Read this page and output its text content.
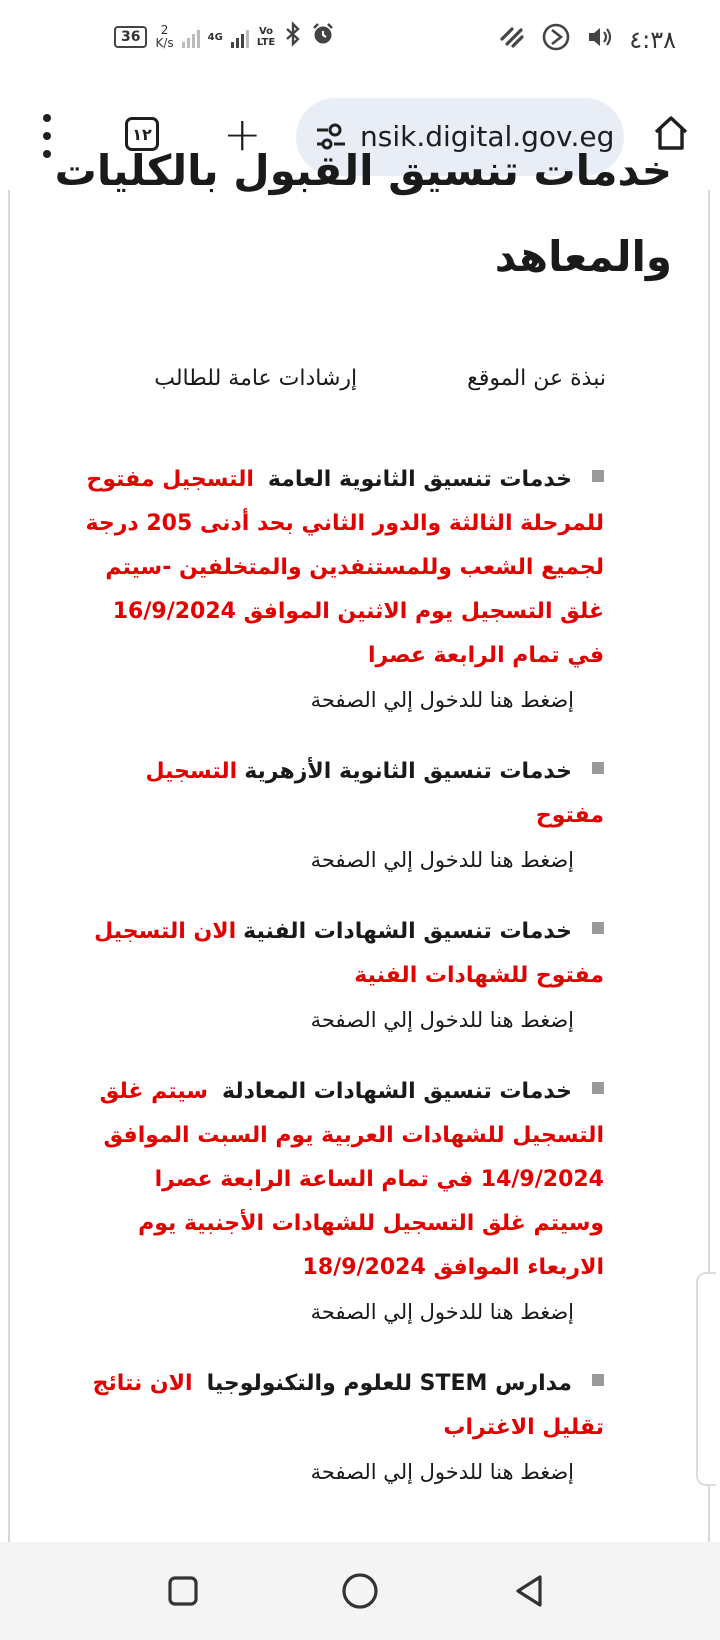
36	2
K/s	4G	Vo
LTE	٤:٣٨
١٢ +	nsik.digital.gov.eg
خدمات تنسيق القبول بالكليات والمعاهد
نبذة عن الموقع
إرشادات عامة للطالب

خدمات تنسيق الثانوية العامة  التسجيل مفتوح للمرحلة الثالثة والدور الثاني بحد أدنى 205 درجة لجميع الشعب وللمستنفدين والمتخلفين -سيتم غلق التسجيل يوم الاثنين الموافق 16/9/2024 في تمام الرابعة عصرا

إضغط هنا للدخول إلي الصفحة

خدمات تنسيق الثانوية الأزهرية التسجيل مفتوح

إضغط هنا للدخول إلي الصفحة

خدمات تنسيق الشهادات الفنية الان التسجيل مفتوح للشهادات الفنية

إضغط هنا للدخول إلي الصفحة

خدمات تنسيق الشهادات المعادلة  سيتم غلق التسجيل للشهادات العربية يوم السبت الموافق 14/9/2024 في تمام الساعة الرابعة عصرا وسيتم غلق التسجيل للشهادات الأجنبية يوم الاربعاء الموافق 18/9/2024

إضغط هنا للدخول إلي الصفحة

مدارس STEM للعلوم والتكنولوجيا  الان نتائج تقليل الاغتراب

إضغط هنا للدخول إلي الصفحة
